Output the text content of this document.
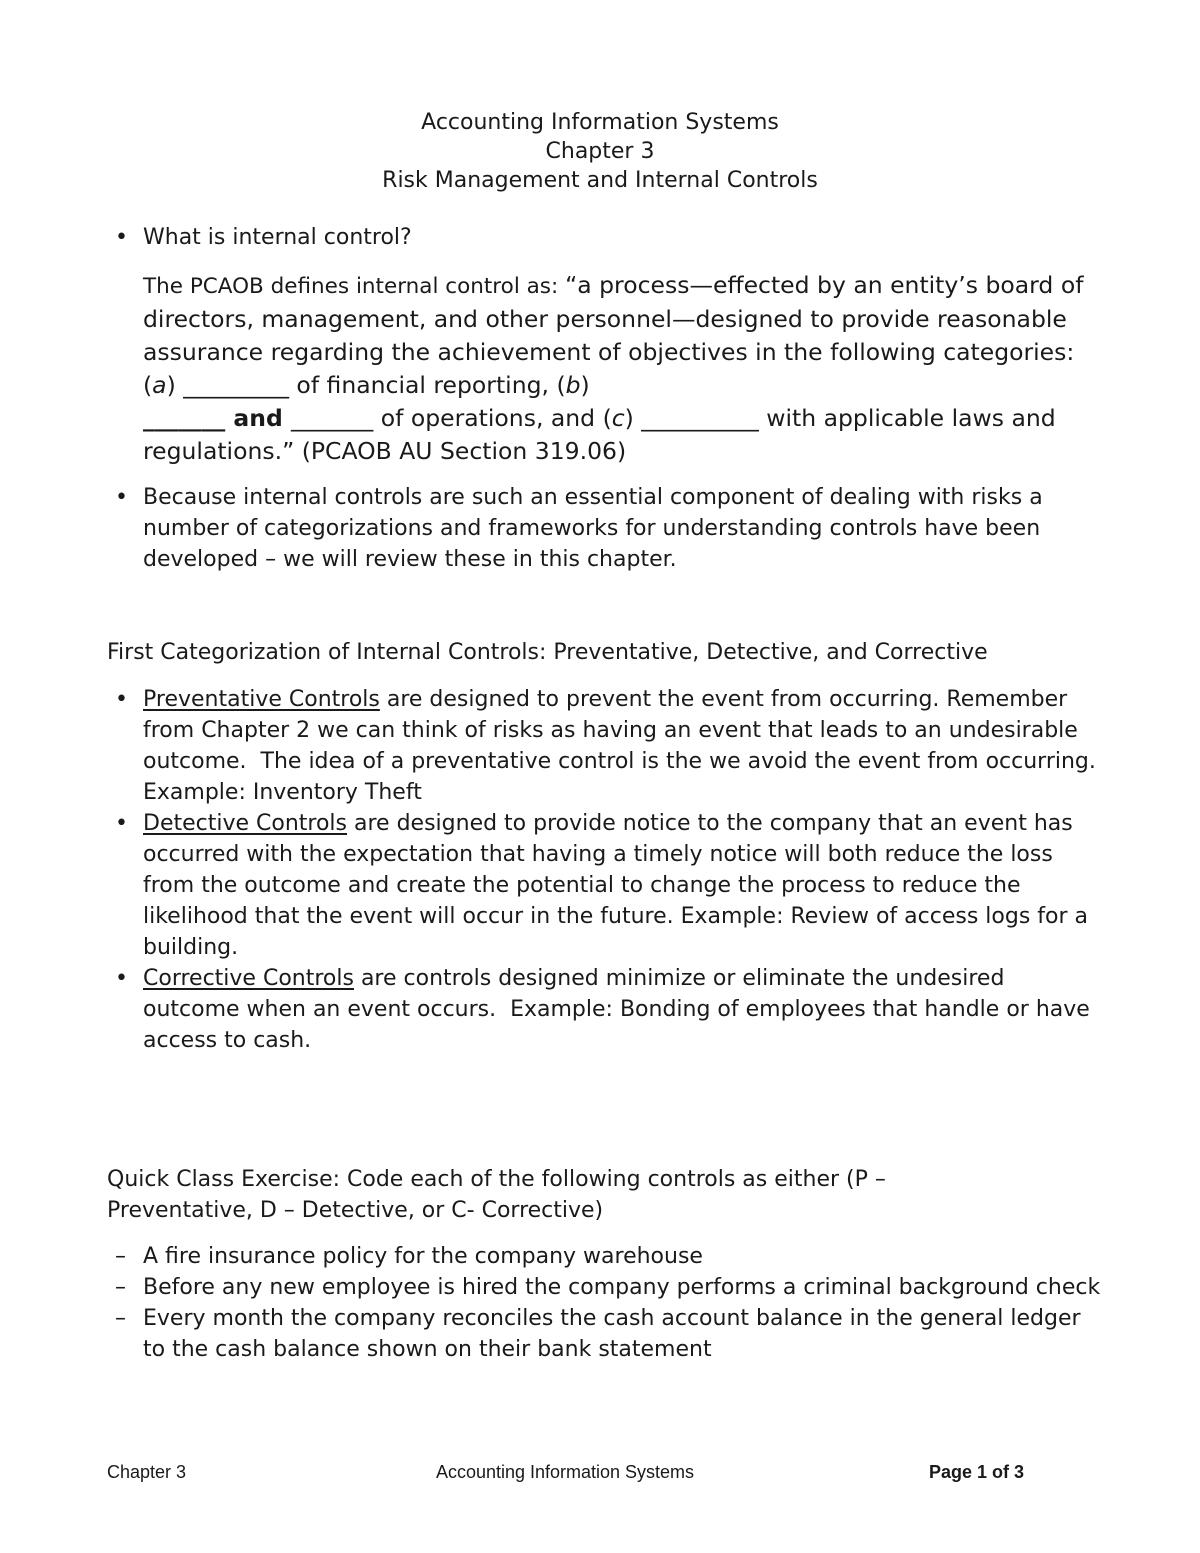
Accounting Information Systems
Chapter 3
Risk Management and Internal Controls
• What is internal control?
The PCAOB defines internal control as: “a process—effected by an entity’s board of directors, management, and other personnel—designed to provide reasonable assurance regarding the achievement of objectives in the following categories: (a) _________ of financial reporting, (b)
_______ and _______ of operations, and (c) __________ with applicable laws and regulations.” (PCAOB AU Section 319.06)
• Because internal controls are such an essential component of dealing with risks a number of categorizations and frameworks for understanding controls have been developed – we will review these in this chapter.
First Categorization of Internal Controls: Preventative, Detective, and Corrective
• Preventative Controls are designed to prevent the event from occurring. Remember from Chapter 2 we can think of risks as having an event that leads to an undesirable outcome.  The idea of a preventative control is the we avoid the event from occurring.  Example: Inventory Theft
• Detective Controls are designed to provide notice to the company that an event has occurred with the expectation that having a timely notice will both reduce the loss from the outcome and create the potential to change the process to reduce the likelihood that the event will occur in the future. Example: Review of access logs for a building.
• Corrective Controls are controls designed minimize or eliminate the undesired outcome when an event occurs.  Example: Bonding of employees that handle or have access to cash.
Quick Class Exercise: Code each of the following controls as either (P – Preventative, D – Detective, or C- Corrective)
– A fire insurance policy for the company warehouse
– Before any new employee is hired the company performs a criminal background check
– Every month the company reconciles the cash account balance in the general ledger to the cash balance shown on their bank statement
Chapter 3	Accounting Information Systems	Page 1 of 3
